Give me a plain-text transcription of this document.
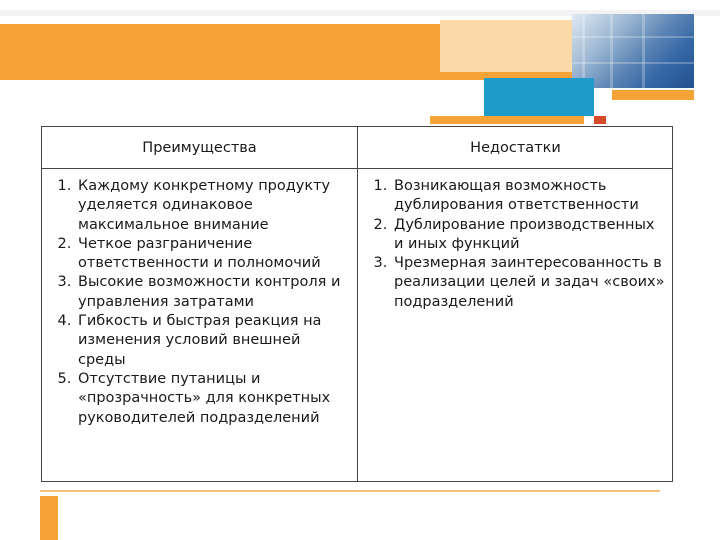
Преимущества	Недостатки
1. Каждому конкретному продукту уделяется одинаковое максимальное внимание
2. Четкое разграничение ответственности и полномочий
3. Высокие возможности контроля и управления затратами
4. Гибкость и быстрая реакция на изменения условий внешней среды
5. Отсутствие путаницы и «прозрачность» для конкретных руководителей подразделений
1. Возникающая возможность дублирования ответственности
2. Дублирование производственных и иных функций
3. Чрезмерная заинтересованность в реализации целей и задач «своих» подразделений
